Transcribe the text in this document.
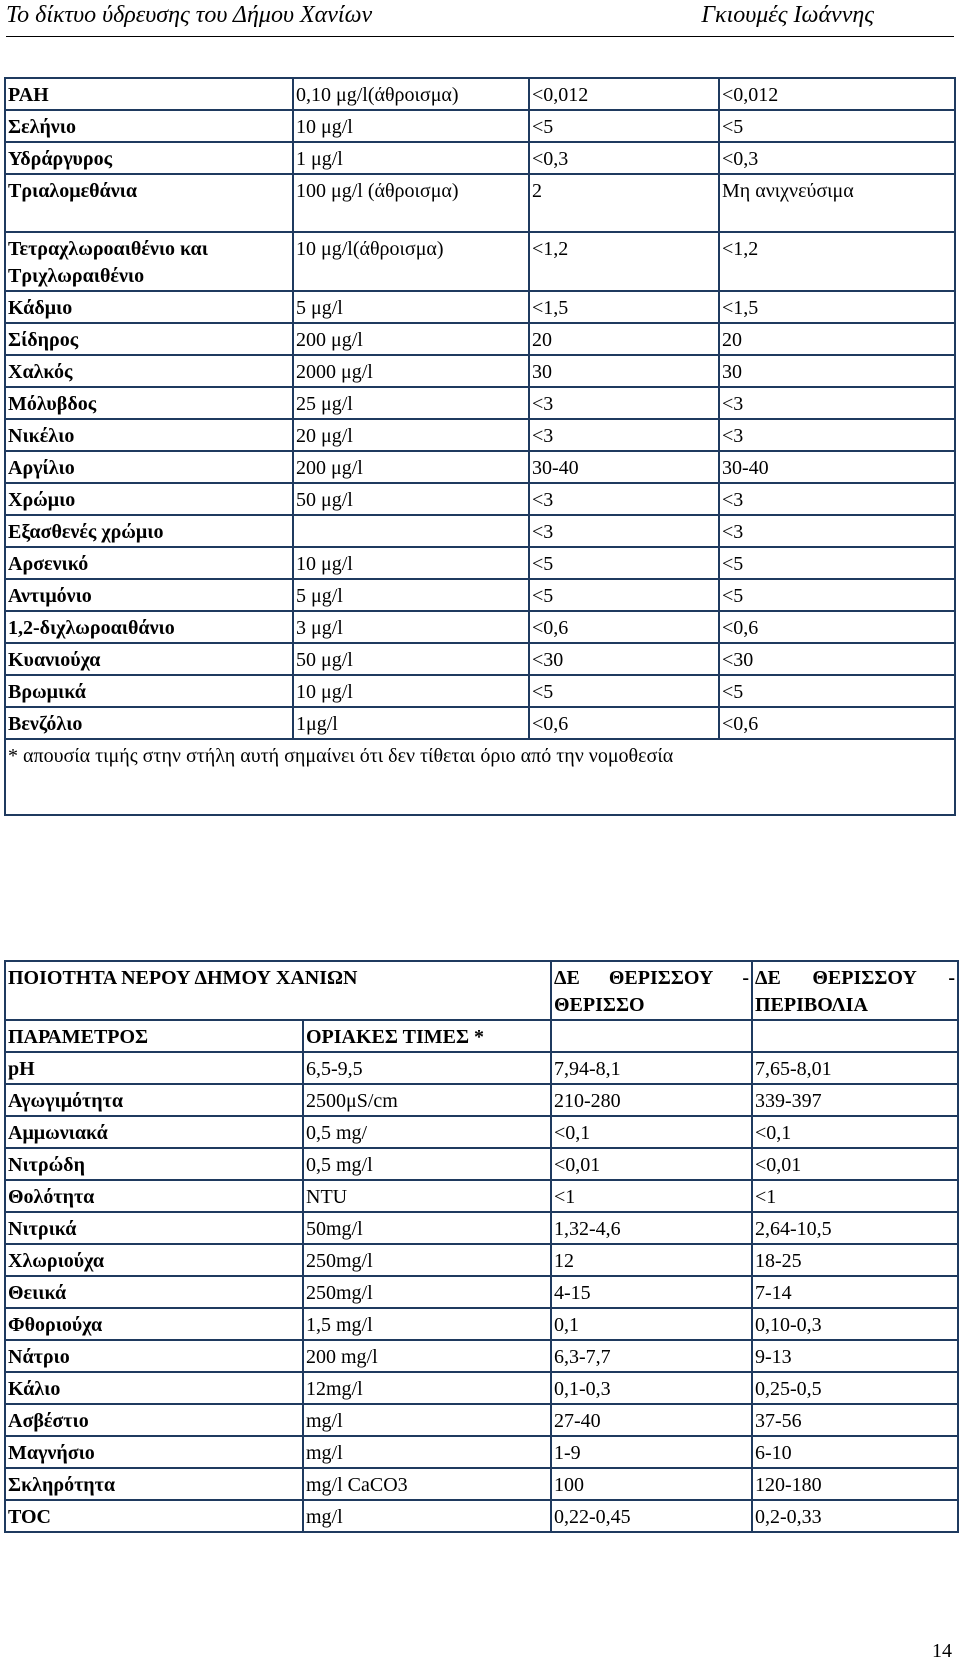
Το δίκτυο ύδρευσης του Δήμου Χανίων	Γκιουμές Ιωάννης
PAH	0,10 μg/l(άθροισμα)	<0,012	<0,012
Σελήνιο	10 μg/l	<5	<5
Υδράργυρος	1 μg/l	<0,3	<0,3
Τριαλομεθάνια	100 μg/l (άθροισμα)	2	Μη ανιχνεύσιμα
Τετραχλωροαιθένιο και Τριχλωραιθένιο	10 μg/l(άθροισμα)	<1,2	<1,2
Κάδμιο	5 μg/l	<1,5	<1,5
Σίδηρος	200 μg/l	20	20
Χαλκός	2000 μg/l	30	30
Μόλυβδος	25 μg/l	<3	<3
Νικέλιο	20 μg/l	<3	<3
Αργίλιο	200 μg/l	30-40	30-40
Χρώμιο	50 μg/l	<3	<3
Εξασθενές χρώμιο		<3	<3
Αρσενικό	10 μg/l	<5	<5
Αντιμόνιο	5 μg/l	<5	<5
1,2-διχλωροαιθάνιο	3 μg/l	<0,6	<0,6
Κυανιούχα	50 μg/l	<30	<30
Βρωμικά	10 μg/l	<5	<5
Βενζόλιο	1μg/l	<0,6	<0,6
* απουσία τιμής στην στήλη αυτή σημαίνει ότι δεν τίθεται όριο από την νομοθεσία			
ΠΟΙΟΤΗΤΑ ΝΕΡΟΥ ΔΗΜΟΥ ΧΑΝΙΩΝ		ΔΕ ΘΕΡΙΣΣΟΥ - ΘΕΡΙΣΣΟ	ΔΕ ΘΕΡΙΣΣΟΥ - ΠΕΡΙΒΟΛΙΑ
ΠΑΡΑΜΕΤΡΟΣ	ΟΡΙΑΚΕΣ ΤΙΜΕΣ *		
pH	6,5-9,5	7,94-8,1	7,65-8,01
Αγωγιμότητα	2500μS/cm	210-280	339-397
Αμμωνιακά	0,5 mg/	<0,1	<0,1
Νιτρώδη	0,5 mg/l	<0,01	<0,01
Θολότητα	NTU	<1	<1
Νιτρικά	50mg/l	1,32-4,6	2,64-10,5
Χλωριούχα	250mg/l	12	18-25
Θειικά	250mg/l	4-15	7-14
Φθοριούχα	1,5 mg/l	0,1	0,10-0,3
Νάτριο	200 mg/l	6,3-7,7	9-13
Κάλιο	12mg/l	0,1-0,3	0,25-0,5
Ασβέστιο	mg/l	27-40	37-56
Μαγνήσιο	mg/l	1-9	6-10
Σκληρότητα	mg/l CaCO3	100	120-180
TOC	mg/l	0,22-0,45	0,2-0,33
14
